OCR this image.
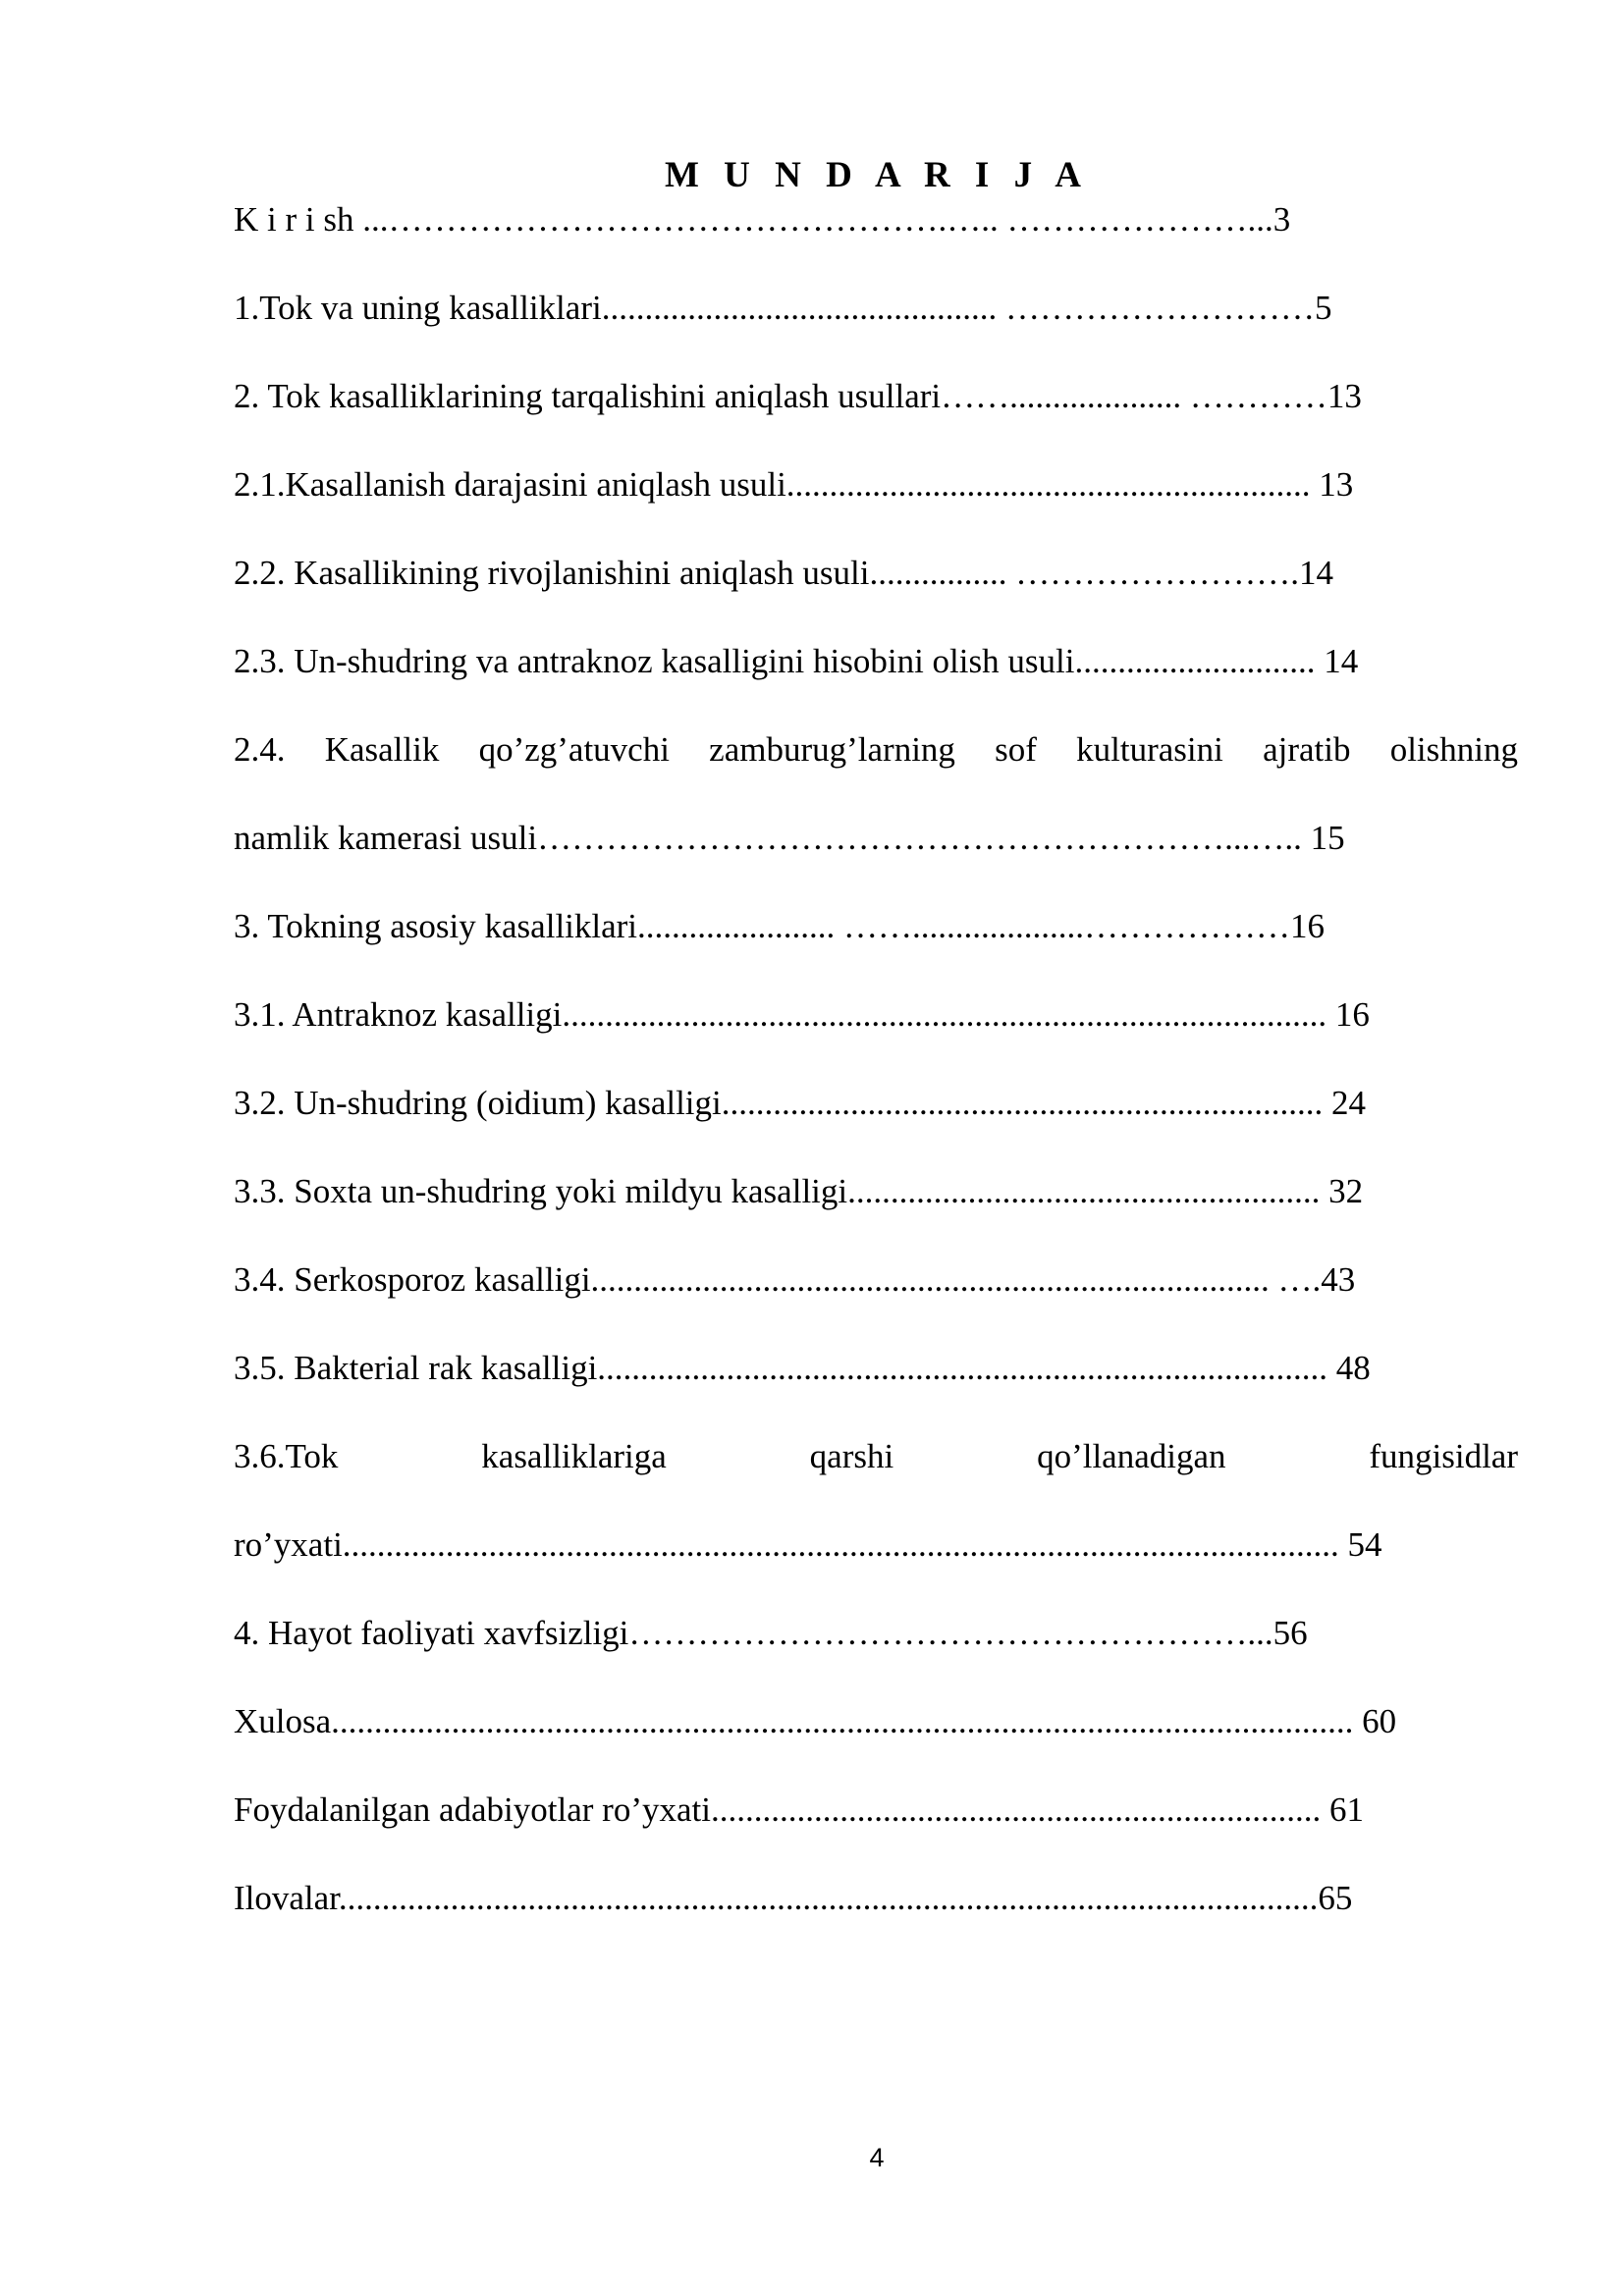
M U N D A R I J A
K i r i sh ...………………………………………….….. …………………...3
1.Tok va uning kasalliklari.............................................. ………………………5
2. Tok kasalliklarining tarqalishini aniqlash usullari…….................... …………13
2.1.Kasallanish darajasini aniqlash usuli............................................................. 13
2.2. Kasallikining rivojlanishini aniqlash usuli................ …………………….14
2.3. Un-shudring va antraknoz kasalligini hisobini olish usuli............................ 14
2.4. Kasallik qo’zg’atuvchi zamburug’larning sof kulturasini ajratib olishning
namlik kamerasi usuli……………………………………………………...….. 15
3. Tokning asosiy kasalliklari....................... ……....................………………16
3.1. Antraknoz kasalligi......................................................................................... 16
3.2. Un-shudring (oidium) kasalligi...................................................................... 24
3.3. Soxta un-shudring yoki mildyu kasalligi....................................................... 32
3.4. Serkosporoz kasalligi............................................................................... ….43
3.5. Bakterial rak kasalligi..................................................................................... 48
3.6.Tok	kasalliklariga	qarshi	qo’llanadigan	fungisidlar
ro’yxati.................................................................................................................... 54
4. Hayot faoliyati xavfsizligi………………………………………………...56
Xulosa....................................................................................................................... 60
Foydalanilgan adabiyotlar ro’yxati....................................................................... 61
Ilovalar..................................................................................................................65
4
